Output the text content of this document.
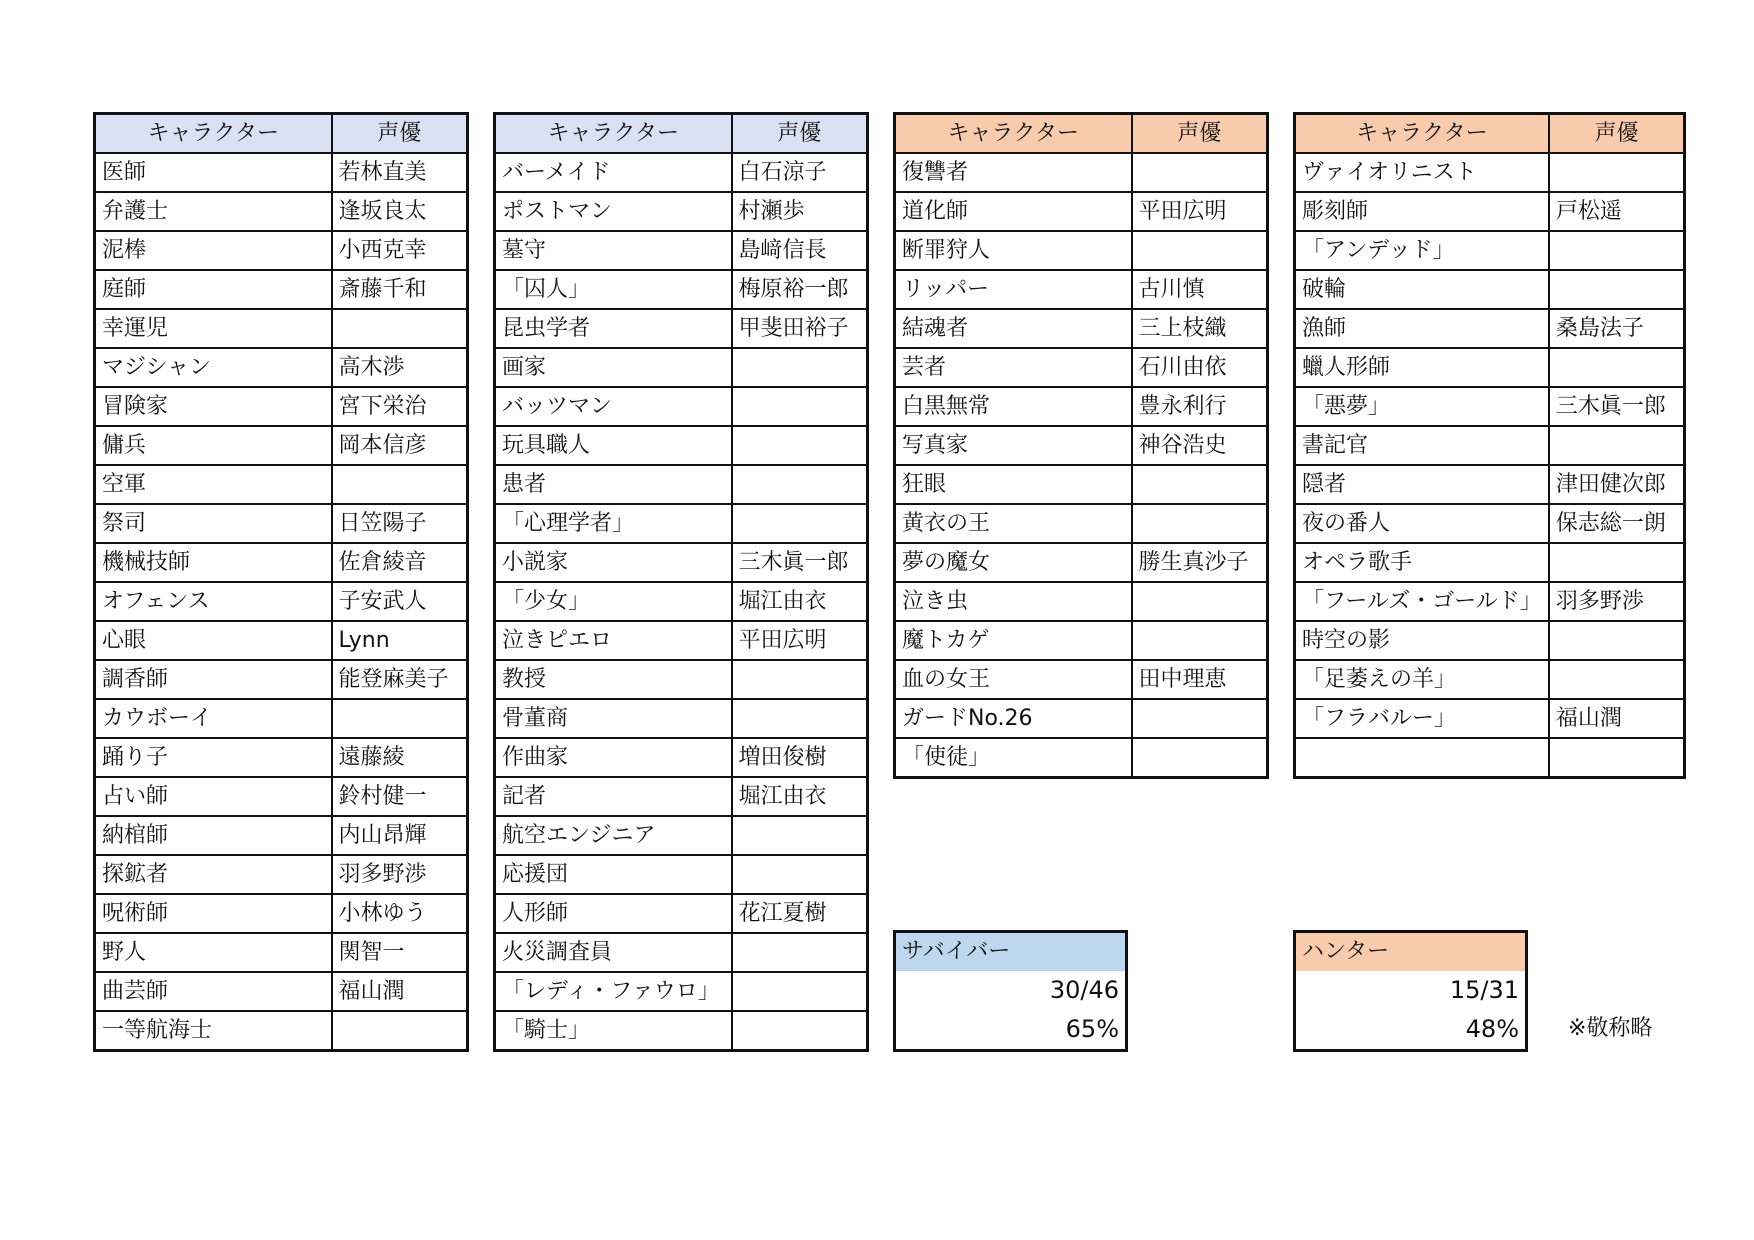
キャラクター	声優
医師	若林直美
弁護士	逢坂良太
泥棒	小西克幸
庭師	斎藤千和
幸運児	
マジシャン	高木渉
冒険家	宮下栄治
傭兵	岡本信彦
空軍	
祭司	日笠陽子
機械技師	佐倉綾音
オフェンス	子安武人
心眼	Lynn
調香師	能登麻美子
カウボーイ	
踊り子	遠藤綾
占い師	鈴村健一
納棺師	内山昂輝
探鉱者	羽多野渉
呪術師	小林ゆう
野人	関智一
曲芸師	福山潤
一等航海士	
キャラクター	声優
バーメイド	白石涼子
ポストマン	村瀬歩
墓守	島﨑信長
「囚人」	梅原裕一郎
昆虫学者	甲斐田裕子
画家	
バッツマン	
玩具職人	
患者	
「心理学者」	
小説家	三木眞一郎
「少女」	堀江由衣
泣きピエロ	平田広明
教授	
骨董商	
作曲家	増田俊樹
記者	堀江由衣
航空エンジニア	
応援団	
人形師	花江夏樹
火災調査員	
「レディ・ファウロ」	
「騎士」	
キャラクター	声優
復讐者	
道化師	平田広明
断罪狩人	
リッパー	古川慎
結魂者	三上枝織
芸者	石川由依
白黒無常	豊永利行
写真家	神谷浩史
狂眼	
黄衣の王	
夢の魔女	勝生真沙子
泣き虫	
魔トカゲ	
血の女王	田中理恵
ガードNo.26	
「使徒」	
キャラクター	声優
ヴァイオリニスト	
彫刻師	戸松遥
「アンデッド」	
破輪	
漁師	桑島法子
蠟人形師	
「悪夢」	三木眞一郎
書記官	
隠者	津田健次郎
夜の番人	保志総一朗
オペラ歌手	
「フールズ・ゴールド」	羽多野渉
時空の影	
「足萎えの羊」	
「フラバルー」	福山潤

サバイバー
30/46
65%
ハンター
15/31
48% ※敬称略
